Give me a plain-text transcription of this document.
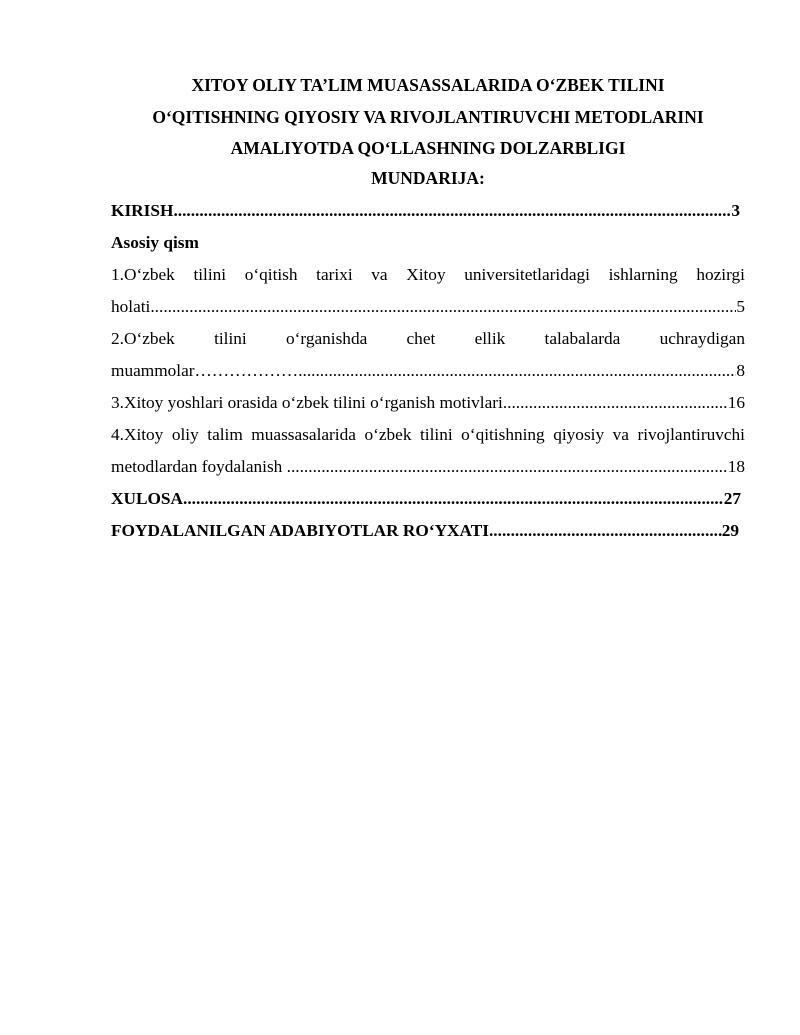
XITOY OLIY TA’LIM MUASASSALARIDA O‘ZBEK TILINI

O‘QITISHNING QIYOSIY VA RIVOJLANTIRUVCHI METODLARINI

AMALIYOTDA QO‘LLASHNING DOLZARBLIGI

MUNDARIJA:

KIRISH .....	3
Asosiy qism
1.O‘zbek tilini o‘qitish tarixi va Xitoy universitetlaridagi ishlarning hozirgi
holati .....	5
2.O‘zbek tilini o‘rganishda chet ellik talabalarda uchraydigan
muammolar……………… .....	8
3.Xitoy yoshlari orasida o‘zbek tilini o‘rganish motivlari .....	16
4.Xitoy oliy talim muassasalarida o‘zbek tilini o‘qitishning qiyosiy va rivojlantiruvchi
metodlardan foydalanish .....	18
XULOSA .....	27
FOYDALANILGAN ADABIYOTLAR RO‘YXATI .....	29
